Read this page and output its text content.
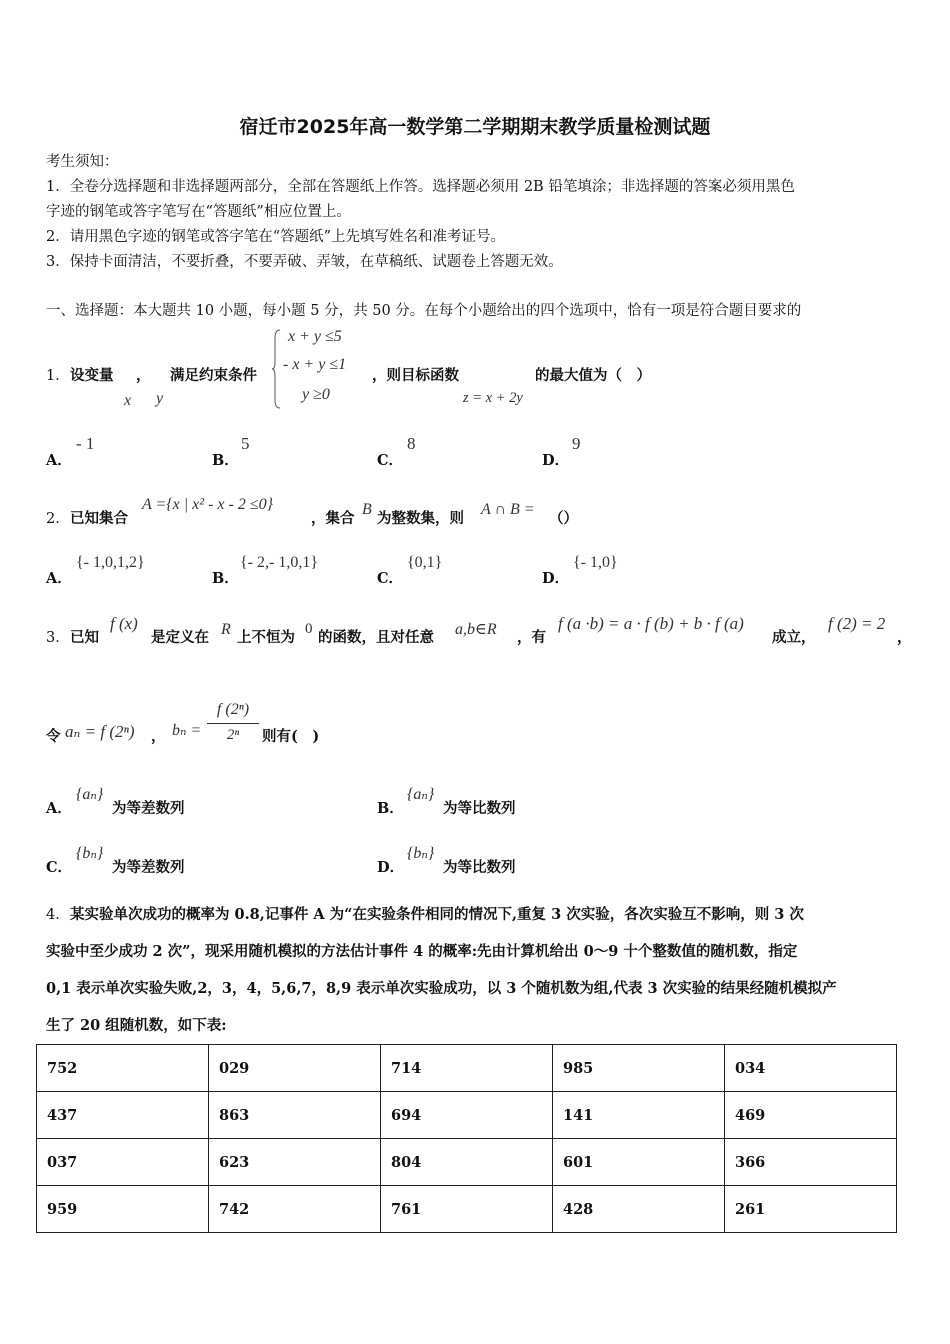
宿迁市2025年高一数学第二学期期末教学质量检测试题
考生须知：
1．全卷分选择题和非选择题两部分，全部在答题纸上作答。选择题必须用 2B 铅笔填涂；非选择题的答案必须用黑色
字迹的钢笔或答字笔写在“答题纸”相应位置上。
2．请用黑色字迹的钢笔或答字笔在“答题纸”上先填写姓名和准考证号。
3．保持卡面清洁，不要折叠，不要弄破、弄皱，在草稿纸、试题卷上答题无效。
一、选择题：本大题共 10 小题，每小题 5 分，共 50 分。在每个小题给出的四个选项中，恰有一项是符合题目要求的
1． 设变量 ， 满足约束条件
x y
x + y ≤5
- x + y ≤1
y ≥0
，则目标函数
z = x + 2y
的最大值为（　）
A．
- 1
B．
5
C．
8
D．
9
2． 已知集合
A ={x | x² - x - 2 ≤0}
，集合
B
为整数集，则
A ∩ B =
（）
A．
{- 1,0,1,2}
B．
{- 2,- 1,0,1}
C．
{0,1}
D．
{- 1,0}
3． 已知
f (x)
是定义在 R 上不恒为 0 的函数，且对任意 a,b∈R ，有
f (a ·b) = a · f (b) + b · f (a)
成立，
f (2) = 2
，
令 aₙ = f (2ⁿ) ， bₙ =
f (2ⁿ)
2ⁿ	则有(　)
A．
{aₙ}
为等差数列	B．
{aₙ}
为等比数列
C．
{bₙ}
为等差数列	D．
{bₙ}
为等比数列
4． 某实验单次成功的概率为 0.8,记事件 A 为“在实验条件相同的情况下,重复 3 次实验，各次实验互不影响，则 3 次
实验中至少成功 2 次”，现采用随机模拟的方法估计事件 4 的概率:先由计算机给出 0～9 十个整数值的随机数，指定
0,1 表示单次实验失败,2，3，4，5,6,7，8,9 表示单次实验成功，以 3 个随机数为组,代表 3 次实验的结果经随机模拟产
生了 20 组随机数，如下表:
752	029	714	985	034
437	863	694	141	469
037	623	804	601	366
959	742	761	428	261
